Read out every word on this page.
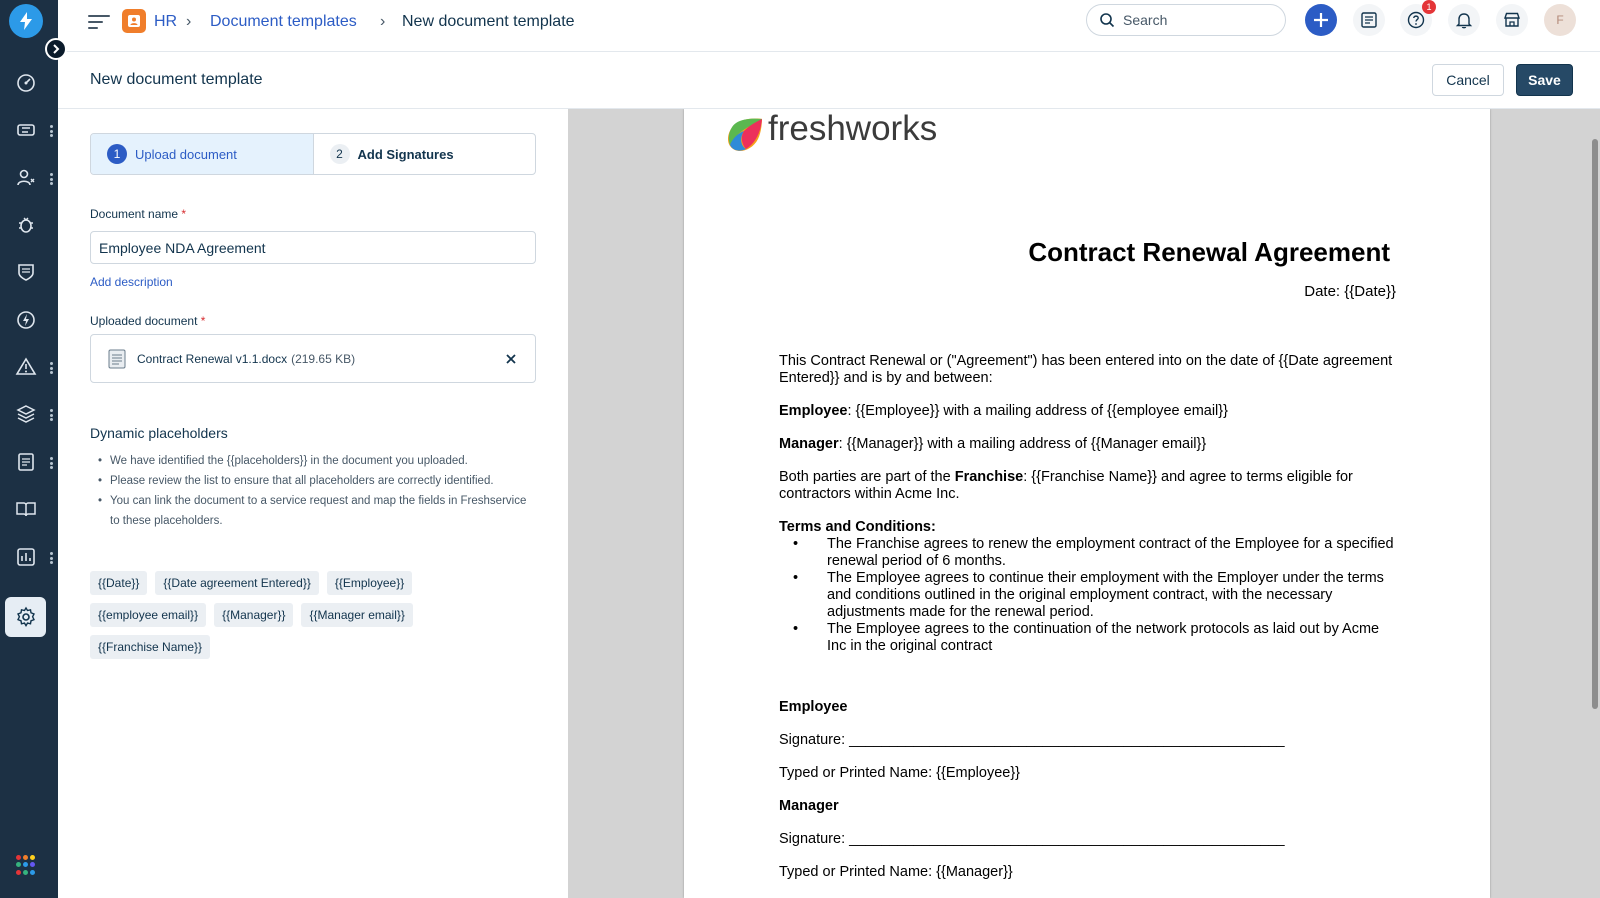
HR › Document templates › New document template	Search
1
F
New document template	Cancel	Save
1	Upload document	2	Add Signatures
Document name *
Employee NDA Agreement
Add description
Uploaded document *
Contract Renewal v1.1.docx (219.65 KB)
Dynamic placeholders
• We have identified the {{placeholders}} in the document you uploaded.
• Please review the list to ensure that all placeholders are correctly identified.
• You can link the document to a service request and map the fields in Freshservice to these placeholders.
{{Date}}	{{Date agreement Entered}}	{{Employee}}
{{employee email}}	{{Manager}}	{{Manager email}}
{{Franchise Name}}
freshworks
Contract Renewal Agreement
Date: {{Date}}

This Contract Renewal or ("Agreement") has been entered into on the date of {{Date agreement Entered}} and is by and between:

Employee: {{Employee}} with a mailing address of {{employee email}}

Manager: {{Manager}} with a mailing address of {{Manager email}}

Both parties are part of the Franchise: {{Franchise Name}} and agree to terms eligible for contractors within Acme Inc.

Terms and Conditions:

• The Franchise agrees to renew the employment contract of the Employee for a specified renewal period of 6 months.
• The Employee agrees to continue their employment with the Employer under the terms and conditions outlined in the original employment contract, with the necessary adjustments made for the renewal period.
• The Employee agrees to the continuation of the network protocols as laid out by Acme Inc in the original contract
Employee
Signature: ______________________________________________________
Typed or Printed Name: {{Employee}}
Manager
Signature: ______________________________________________________
Typed or Printed Name: {{Manager}}
